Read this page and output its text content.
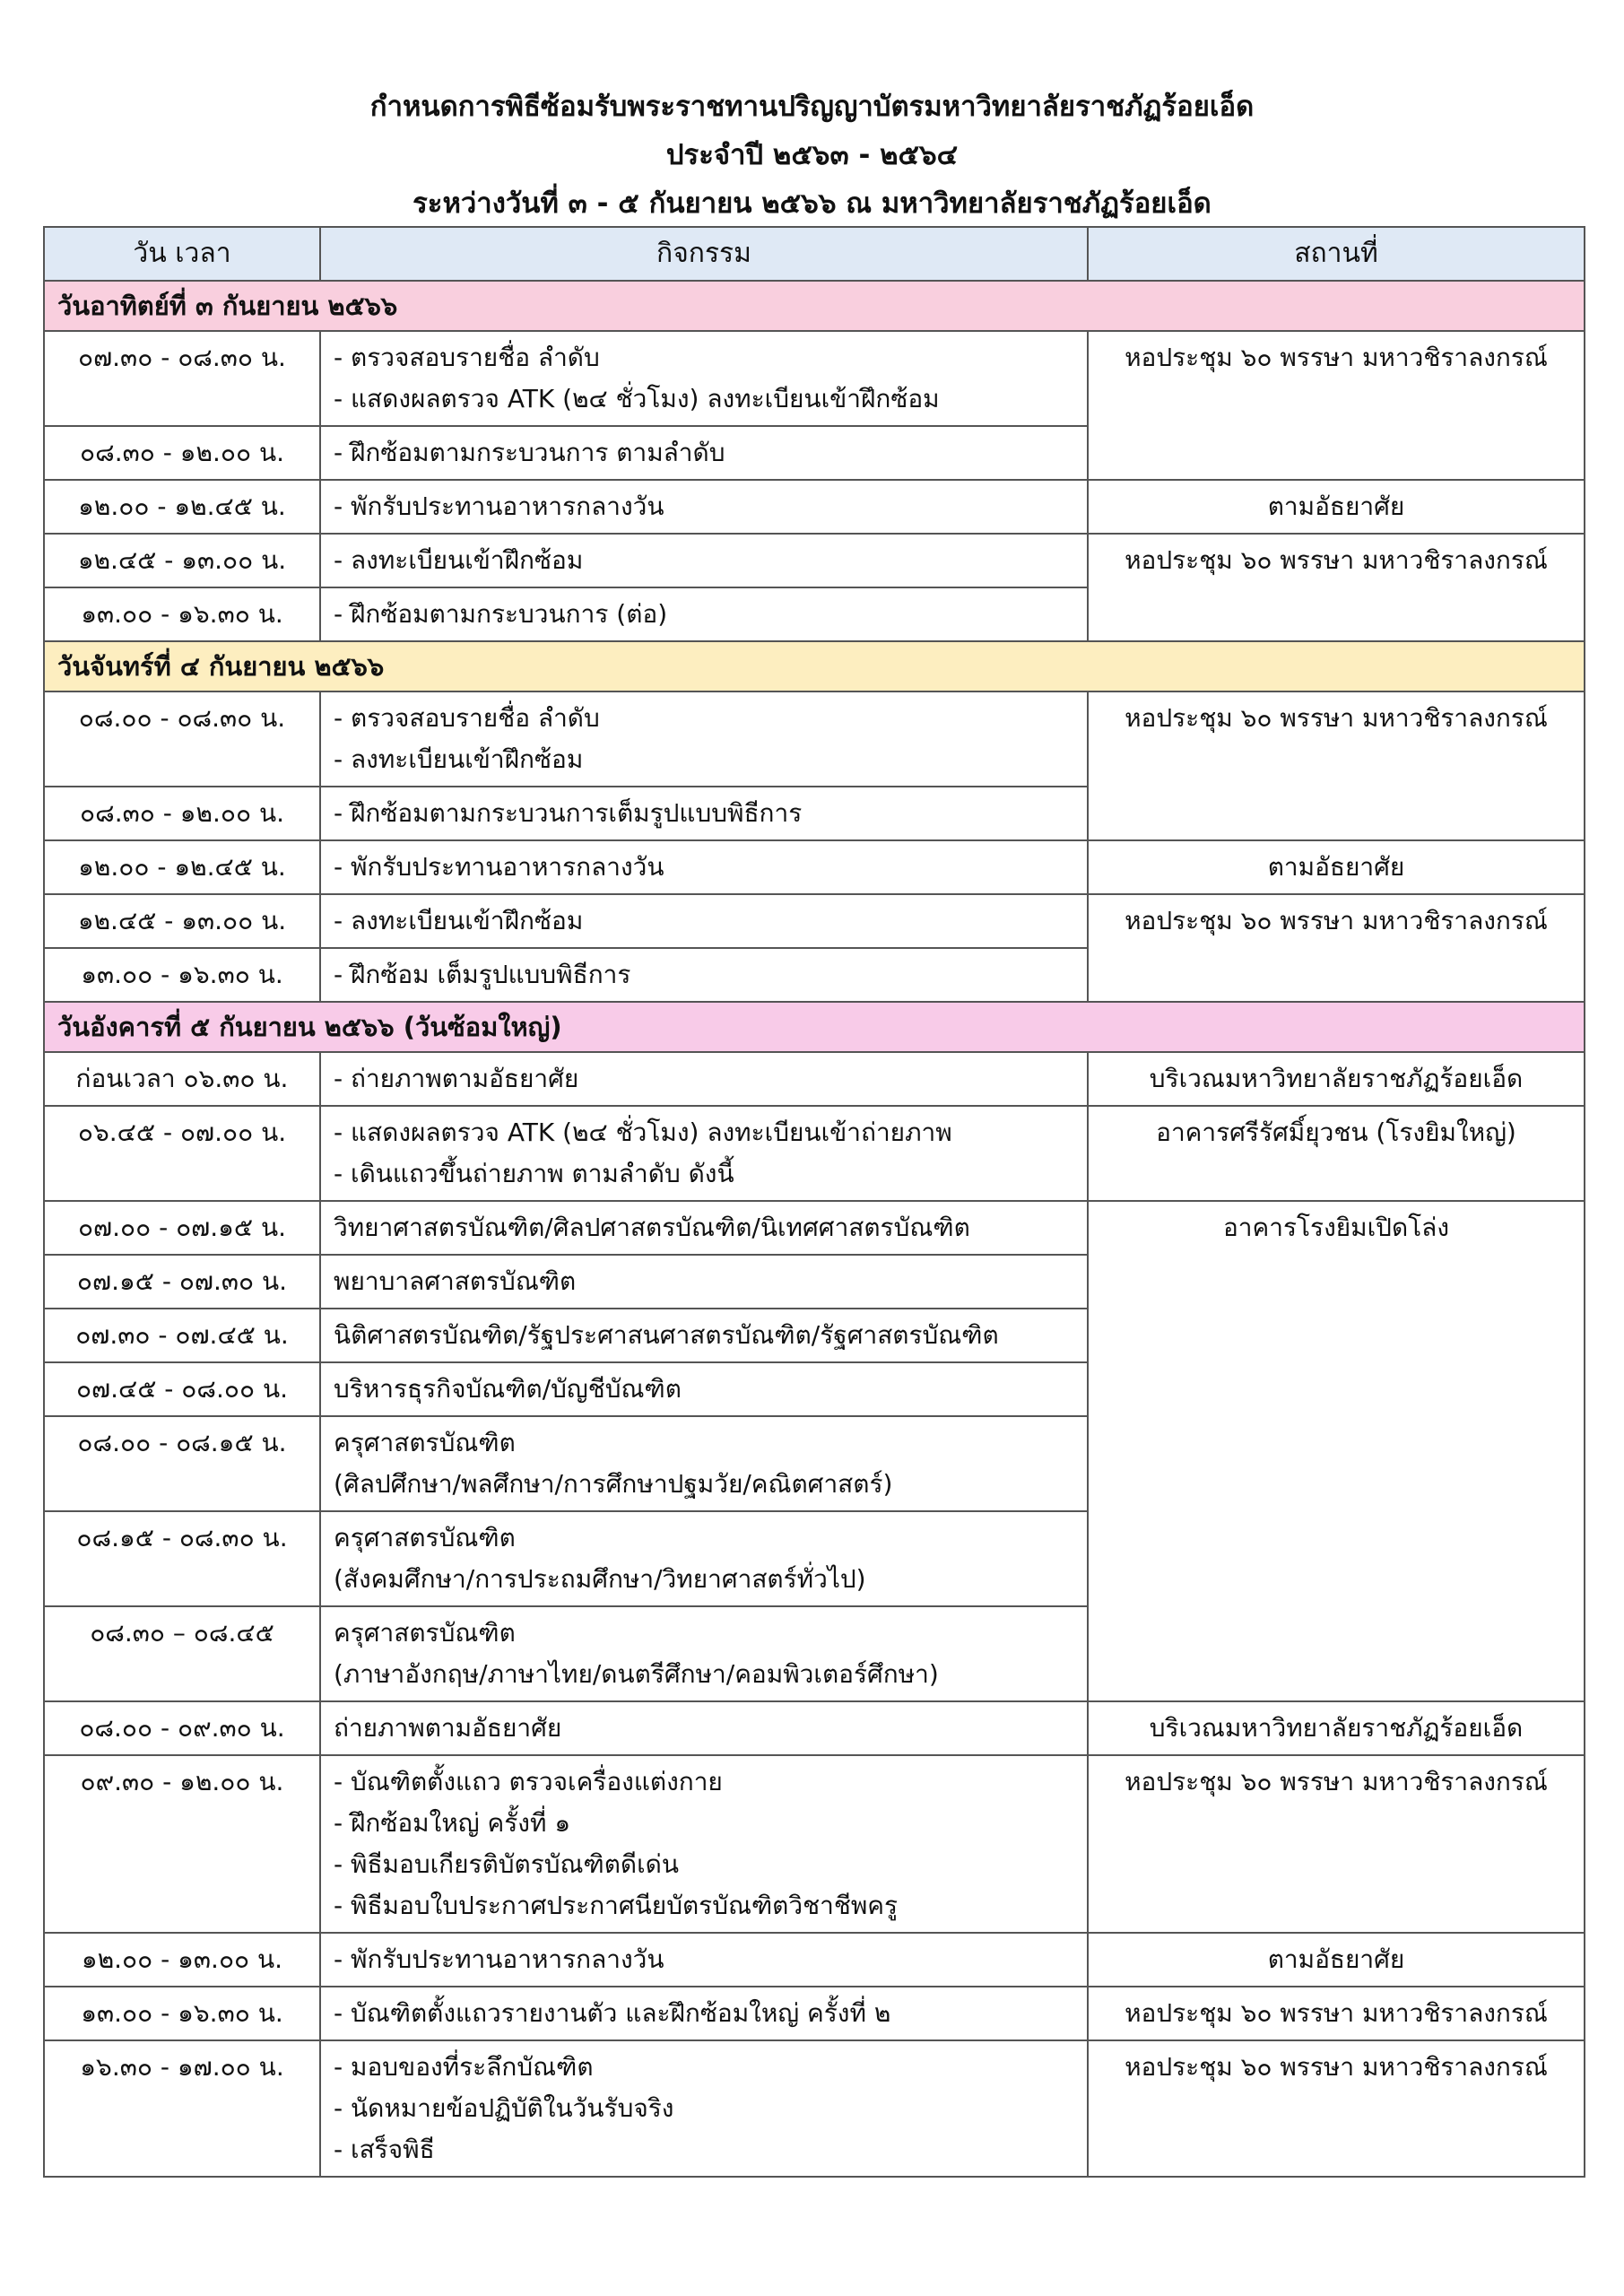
กำหนดการพิธีซ้อมรับพระราชทานปริญญาบัตรมหาวิทยาลัยราชภัฏร้อยเอ็ด
ประจำปี ๒๕๖๓ - ๒๕๖๔
ระหว่างวันที่ ๓ - ๕ กันยายน ๒๕๖๖ ณ มหาวิทยาลัยราชภัฏร้อยเอ็ด
วัน เวลา	กิจกรรม	สถานที่
วันอาทิตย์ที่ ๓ กันยายน ๒๕๖๖		
๐๗.๓๐ - ๐๘.๓๐ น.	- ตรวจสอบรายชื่อ ลำดับ
- แสดงผลตรวจ ATK (๒๔ ชั่วโมง) ลงทะเบียนเข้าฝึกซ้อม	หอประชุม ๖๐ พรรษา มหาวชิราลงกรณ์
๐๘.๓๐ - ๑๒.๐๐ น.	- ฝึกซ้อมตามกระบวนการ ตามลำดับ	

๑๒.๐๐ - ๑๒.๔๕ น.	- พักรับประทานอาหารกลางวัน	ตามอัธยาศัย
๑๒.๔๕ - ๑๓.๐๐ น.	- ลงทะเบียนเข้าฝึกซ้อม	หอประชุม ๖๐ พรรษา มหาวชิราลงกรณ์
๑๓.๐๐ - ๑๖.๓๐ น.	- ฝึกซ้อมตามกระบวนการ (ต่อ)	

วันจันทร์ที่ ๔ กันยายน ๒๕๖๖		
๐๘.๐๐ - ๐๘.๓๐ น.	- ตรวจสอบรายชื่อ ลำดับ
- ลงทะเบียนเข้าฝึกซ้อม	หอประชุม ๖๐ พรรษา มหาวชิราลงกรณ์
๐๘.๓๐ - ๑๒.๐๐ น.	- ฝึกซ้อมตามกระบวนการเต็มรูปแบบพิธีการ	

๑๒.๐๐ - ๑๒.๔๕ น.	- พักรับประทานอาหารกลางวัน	ตามอัธยาศัย
๑๒.๔๕ - ๑๓.๐๐ น.	- ลงทะเบียนเข้าฝึกซ้อม	หอประชุม ๖๐ พรรษา มหาวชิราลงกรณ์
๑๓.๐๐ - ๑๖.๓๐ น.	- ฝึกซ้อม เต็มรูปแบบพิธีการ	

วันอังคารที่ ๕ กันยายน ๒๕๖๖ (วันซ้อมใหญ่)		
ก่อนเวลา ๐๖.๓๐ น.	- ถ่ายภาพตามอัธยาศัย	บริเวณมหาวิทยาลัยราชภัฏร้อยเอ็ด
๐๖.๔๕ - ๐๗.๐๐ น.	- แสดงผลตรวจ ATK (๒๔ ชั่วโมง) ลงทะเบียนเข้าถ่ายภาพ
- เดินแถวขึ้นถ่ายภาพ ตามลำดับ ดังนี้	อาคารศรีรัศมิ์ยุวชน (โรงยิมใหญ่)
๐๗.๐๐ - ๐๗.๑๕ น.	วิทยาศาสตรบัณฑิต/ศิลปศาสตรบัณฑิต/นิเทศศาสตรบัณฑิต	อาคารโรงยิมเปิดโล่ง
๐๗.๑๕ - ๐๗.๓๐ น.	พยาบาลศาสตรบัณฑิต	

๐๗.๓๐ - ๐๗.๔๕ น.	นิติศาสตรบัณฑิต/รัฐประศาสนศาสตรบัณฑิต/รัฐศาสตรบัณฑิต	

๐๗.๔๕ - ๐๘.๐๐ น.	บริหารธุรกิจบัณฑิต/บัญชีบัณฑิต	

๐๘.๐๐ - ๐๘.๑๕ น.	ครุศาสตรบัณฑิต
(ศิลปศึกษา/พลศึกษา/การศึกษาปฐมวัย/คณิตศาสตร์)	

๐๘.๑๕ - ๐๘.๓๐ น.	ครุศาสตรบัณฑิต
(สังคมศึกษา/การประถมศึกษา/วิทยาศาสตร์ทั่วไป)	

๐๘.๓๐ – ๐๘.๔๕	ครุศาสตรบัณฑิต
(ภาษาอังกฤษ/ภาษาไทย/ดนตรีศึกษา/คอมพิวเตอร์ศึกษา)	

๐๘.๐๐ - ๐๙.๓๐ น.	ถ่ายภาพตามอัธยาศัย	บริเวณมหาวิทยาลัยราชภัฏร้อยเอ็ด
๐๙.๓๐ - ๑๒.๐๐ น.	- บัณฑิตตั้งแถว ตรวจเครื่องแต่งกาย
- ฝึกซ้อมใหญ่ ครั้งที่ ๑
- พิธีมอบเกียรติบัตรบัณฑิตดีเด่น
- พิธีมอบใบประกาศประกาศนียบัตรบัณฑิตวิชาชีพครู	หอประชุม ๖๐ พรรษา มหาวชิราลงกรณ์
๑๒.๐๐ - ๑๓.๐๐ น.	- พักรับประทานอาหารกลางวัน	ตามอัธยาศัย
๑๓.๐๐ - ๑๖.๓๐ น.	- บัณฑิตตั้งแถวรายงานตัว และฝึกซ้อมใหญ่ ครั้งที่ ๒	หอประชุม ๖๐ พรรษา มหาวชิราลงกรณ์
๑๖.๓๐ - ๑๗.๐๐ น.	- มอบของที่ระลึกบัณฑิต
- นัดหมายข้อปฏิบัติในวันรับจริง
- เสร็จพิธี	หอประชุม ๖๐ พรรษา มหาวชิราลงกรณ์
